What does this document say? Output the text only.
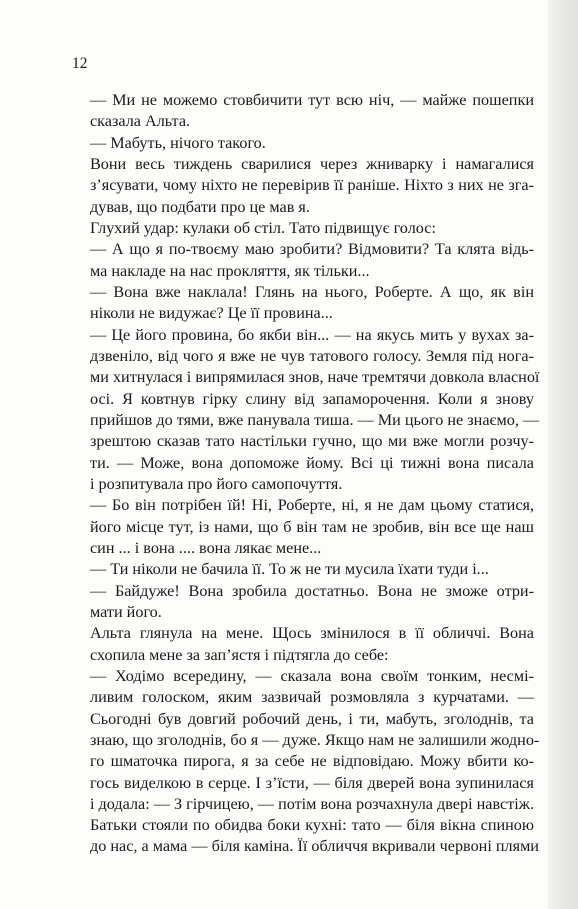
12
— Ми не можемо стовбичити тут всю ніч, — майже пошепки
сказала Альта.
— Мабуть, нічого такого.
Вони весь тиждень сварилися через жниварку і намагалися
з’ясувати, чому ніхто не перевірив її раніше. Ніхто з них не зга-
дував, що подбати про це мав я.
Глухий удар: кулаки об стіл. Тато підвищує голос:
— А що я по-твоєму маю зробити? Відмовити? Та клята відь-
ма накладе на нас прокляття, як тільки...
— Вона вже наклала! Глянь на нього, Роберте. А що, як він
ніколи не видужає? Це її провина...
— Це його провина, бо якби він... — на якусь мить у вухах за-
дзвеніло, від чого я вже не чув татового голосу. Земля під нога-
ми хитнулася і випрямилася знов, наче тремтячи довкола власної
осі. Я ковтнув гірку слину від запаморочення. Коли я знову
прийшов до тями, вже панувала тиша. — Ми цього не знаємо, —
зрештою сказав тато настільки гучно, що ми вже могли розчу-
ти. — Може, вона допоможе йому. Всі ці тижні вона писала
і розпитувала про його самопочуття.
— Бо він потрібен їй! Ні, Роберте, ні, я не дам цьому статися,
його місце тут, із нами, що б він там не зробив, він все ще наш
син ... і вона .... вона лякає мене...
— Ти ніколи не бачила її. То ж не ти мусила їхати туди і...
— Байдуже! Вона зробила достатньо. Вона не зможе отри-
мати його.
Альта глянула на мене. Щось змінилося в її обличчі. Вона
схопила мене за зап’ястя і підтягла до себе:
— Ходімо всередину, — сказала вона своїм тонким, несмі-
ливим голоском, яким зазвичай розмовляла з курчатами. —
Сьогодні був довгий робочий день, і ти, мабуть, зголоднів, та
знаю, що зголоднів, бо я — дуже. Якщо нам не залишили жодно-
го шматочка пирога, я за себе не відповідаю. Можу вбити ко-
гось виделкою в серце. І з’їсти, — біля дверей вона зупинилася
і додала: — З гірчицею, — потім вона розчахнула двері навстіж.
Батьки стояли по обидва боки кухні: тато — біля вікна спиною
до нас, а мама — біля каміна. Її обличчя вкривали червоні плями
